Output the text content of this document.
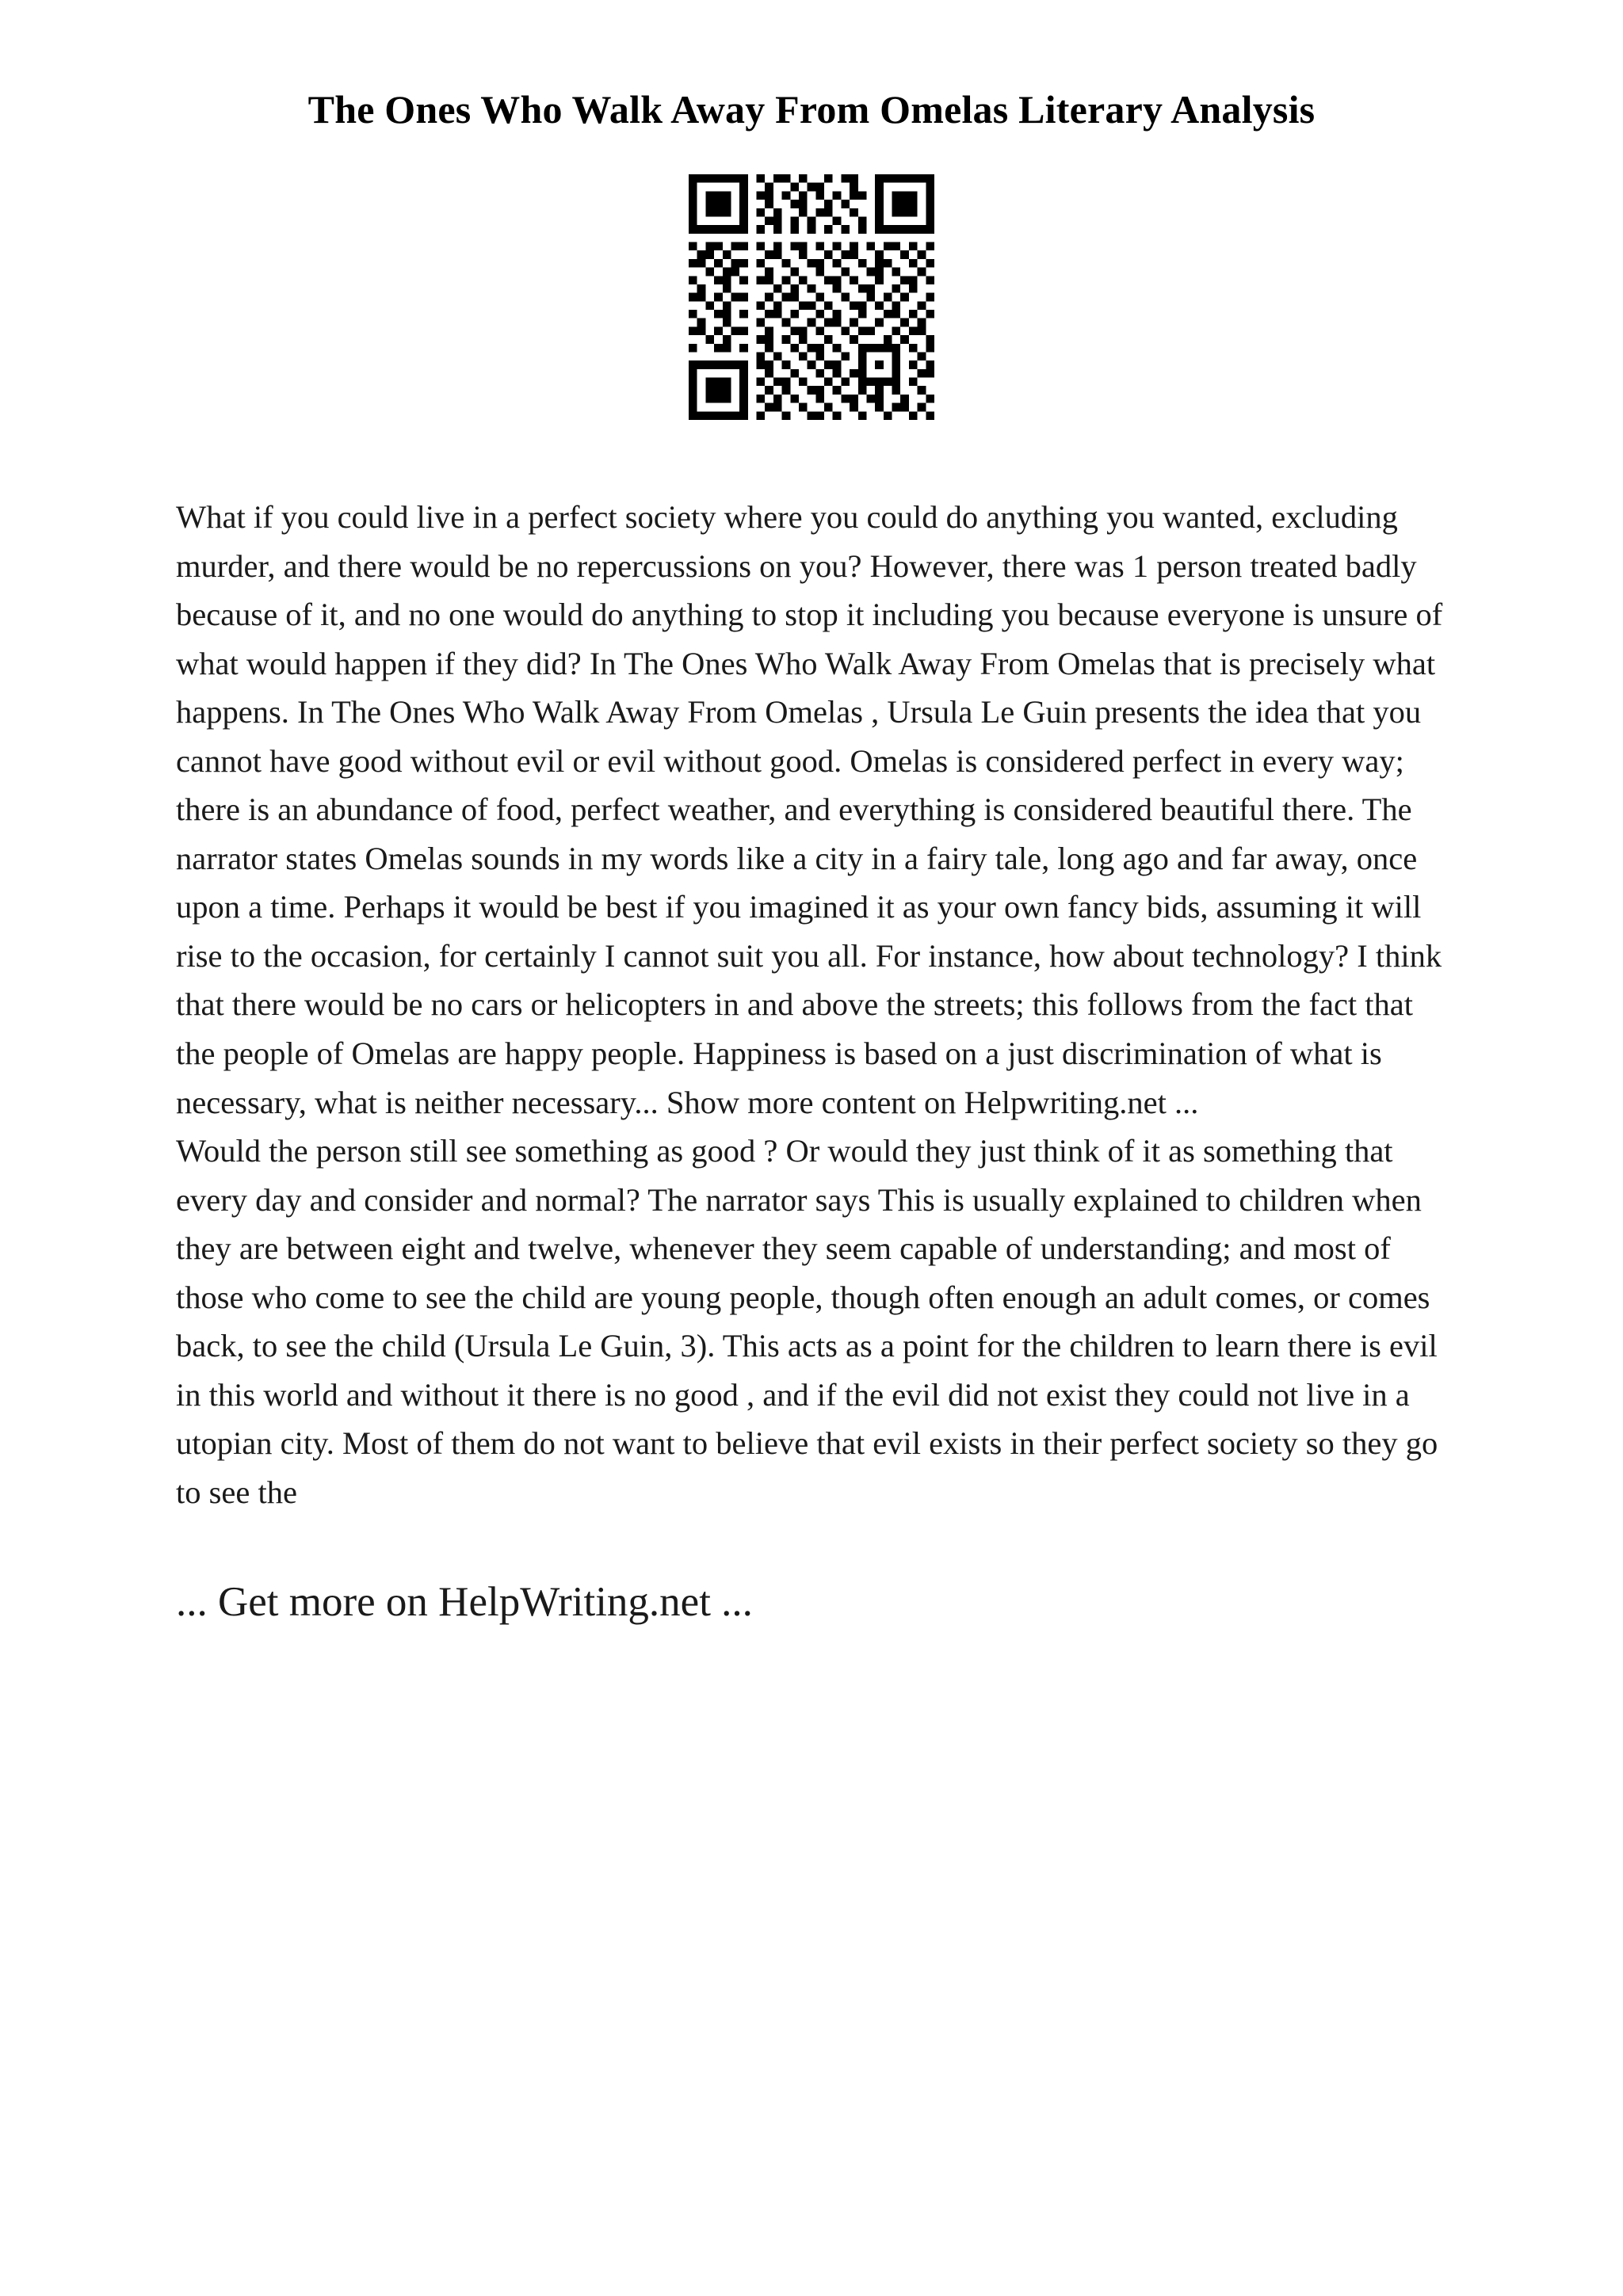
The Ones Who Walk Away From Omelas Literary Analysis

What if you could live in a perfect society where you could do anything you wanted, excluding murder, and there would be no repercussions on you? However, there was 1 person treated badly because of it, and no one would do anything to stop it including you because everyone is unsure of what would happen if they did? In The Ones Who Walk Away From Omelas that is precisely what happens. In The Ones Who Walk Away From Omelas , Ursula Le Guin presents the idea that you cannot have good without evil or evil without good. Omelas is considered perfect in every way; there is an abundance of food, perfect weather, and everything is considered beautiful there. The narrator states Omelas sounds in my words like a city in a fairy tale, long ago and far away, once upon a time. Perhaps it would be best if you imagined it as your own fancy bids, assuming it will rise to the occasion, for certainly I cannot suit you all. For instance, how about technology? I think that there would be no cars or helicopters in and above the streets; this follows from the fact that the people of Omelas are happy people. Happiness is based on a just discrimination of what is necessary, what is neither necessary... Show more content on Helpwriting.net ...

Would the person still see something as good ? Or would they just think of it as something that every day and consider and normal? The narrator says This is usually explained to children when they are between eight and twelve, whenever they seem capable of understanding; and most of those who come to see the child are young people, though often enough an adult comes, or comes back, to see the child (Ursula Le Guin, 3). This acts as a point for the children to learn there is evil in this world and without it there is no good , and if the evil did not exist they could not live in a utopian city. Most of them do not want to believe that evil exists in their perfect society so they go to see the

... Get more on HelpWriting.net ...
